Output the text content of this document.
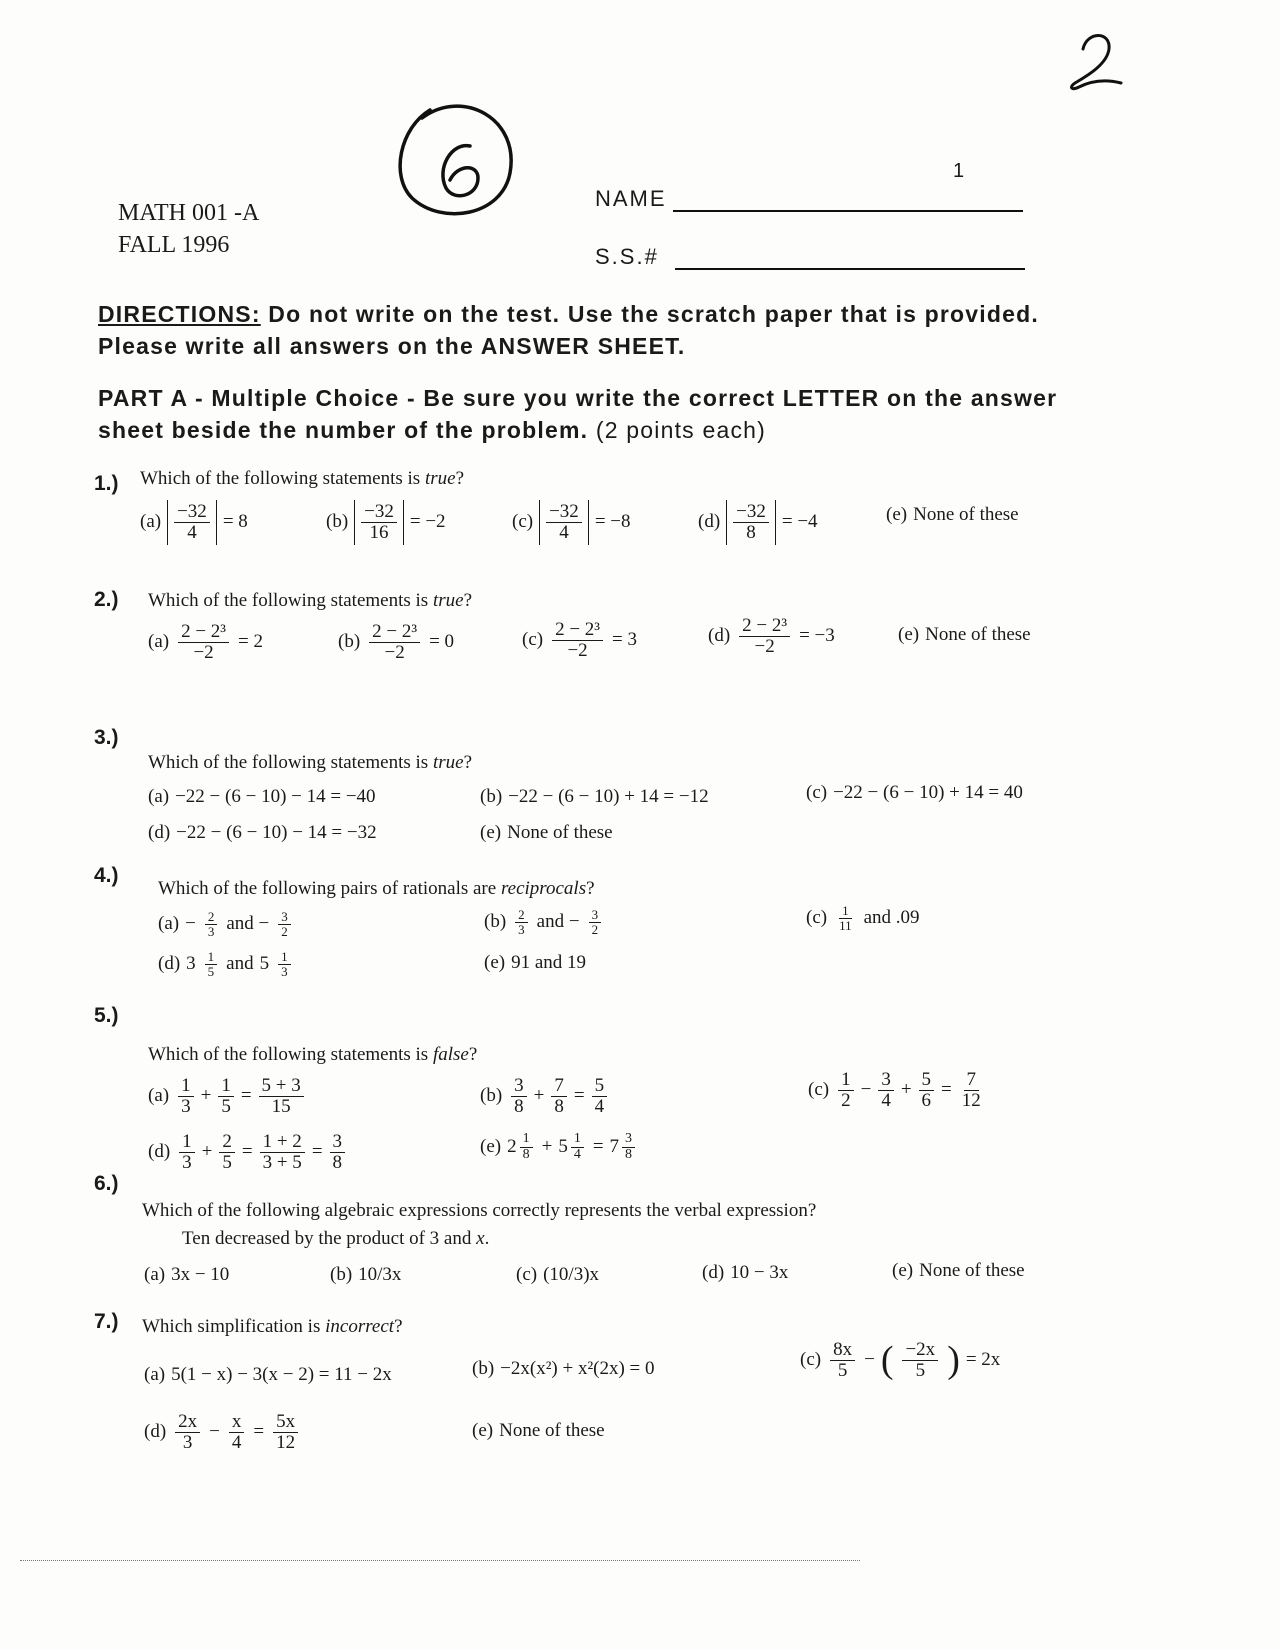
1
MATH 001 -A
FALL 1996
NAME
S.S.#
DIRECTIONS: Do not write on the test. Use the scratch paper that is provided.
Please write all answers on the ANSWER SHEET.
PART A - Multiple Choice - Be sure you write the correct LETTER on the answer
sheet beside the number of the problem. (2 points each)
1.) Which of the following statements is true?
$(a) \frac{-32}{4} = 8$	$(b) \frac{-32}{16} = -2$	$(c) \frac{-32}{4} = -8$	$(d) \frac{-32}{8} = -4$	(e) None of these
2.) Which of the following statements is true?
$(a) \frac{\text{2 − 2³}}{-2} = 2$	$(b) \frac{\text{2 − 2³}}{-2} = 0$	$(c) \frac{\text{2 − 2³}}{-2} = 3$	$(d) \frac{\text{2 − 2³}}{-2} = -3$	(e) None of these
3.)
Which of the following statements is true?
(a) −22 − (6 − 10) − 14 = −40	(b) −22 − (6 − 10) + 14 = −12	(c) −22 − (6 − 10) + 14 = 40
(d) −22 − (6 − 10) − 14 = −32	(e) None of these
4.)
Which of the following pairs of rationals are reciprocals?
$(a) - \frac{2}{3}$ and − $\frac{3}{2}$	$(b) \frac{2}{3}$ and − $\frac{3}{2}$	$(c) \frac{1}{11}$ and .09
(d) $3 \frac{1}{5}$ and $5 \frac{1}{3}$	(e) 91 and 19
5.)
Which of the following statements is false?
$(a) \frac{1}{3} + \frac{1}{5} = \frac{5 + 3}{15}$	$(b) \frac{3}{8} + \frac{7}{8} = \frac{5}{4}$	$(c) \frac{1}{2} - \frac{3}{4} + \frac{5}{6} = \frac{7}{12}$
$(d) \frac{1}{3} + \frac{2}{5} = \frac{1 + 2}{3 + 5} = \frac{3}{8}$	(e) $2 \frac{1}{8} + 5 \frac{1}{4} = 7 \frac{3}{8}$
6.)
Which of the following algebraic expressions correctly represents the verbal expression?
Ten decreased by the product of 3 and x.
(a) 3x − 10	(b) 10/3x	(c) (10/3)x	(d) 10 − 3x	(e) None of these
7.) Which simplification is incorrect?
(a) 5(1 − x) − 3(x − 2) = 11 − 2x	(b) −2x(x²) + x²(2x) = 0	$(c) \frac{8x}{5}$ − ( $\frac{-2x}{5}$ ) = 2x
$(d) \frac{2x}{3} - \frac{x}{4} = \frac{5x}{12}$	(e) None of these
